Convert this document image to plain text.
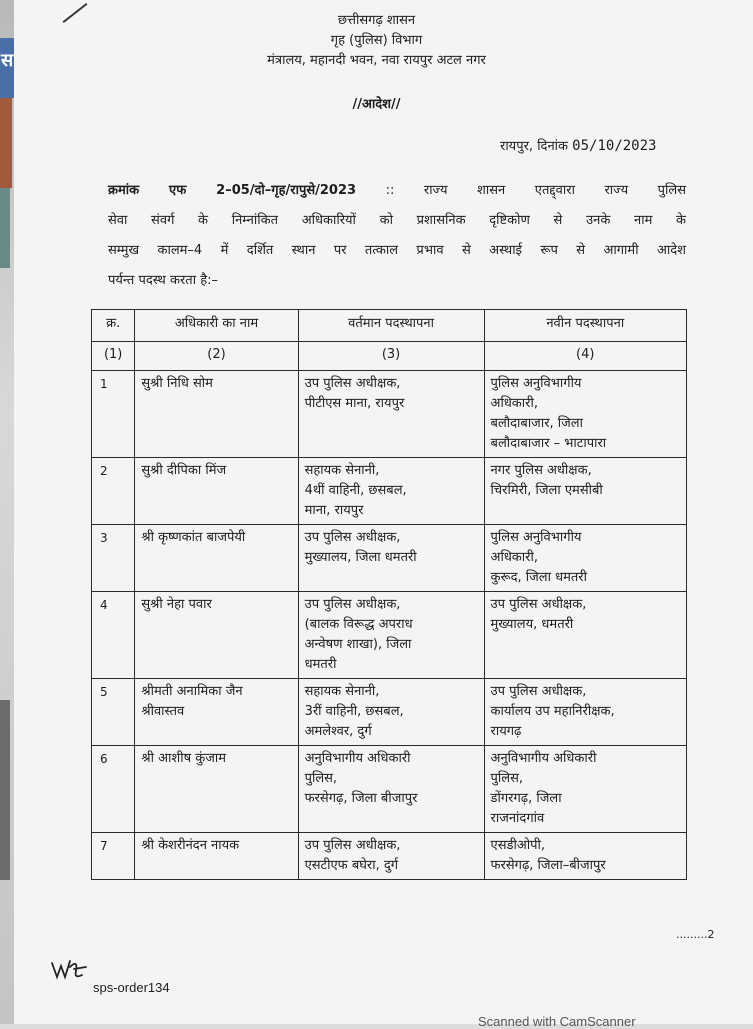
स
छत्तीसगढ़ शासन
गृह (पुलिस) विभाग
मंत्रालय, महानदी भवन, नवा रायपुर अटल नगर
//आदेश//
रायपुर, दिनांक 05/10/2023
क्रमांक एफ 2–05/दो–गृह/रापुसे/2023 :: राज्य शासन एतद्द्वारा राज्य पुलिस
सेवा संवर्ग के निम्नांकित अधिकारियों को प्रशासनिक दृष्टिकोण से उनके नाम के
सम्मुख कालम–4 में दर्शित स्थान पर तत्काल प्रभाव से अस्थाई रूप से आगामी आदेश
पर्यन्त पदस्थ करता है:–
क्र.	अधिकारी का नाम	वर्तमान पदस्थापना	नवीन पदस्थापना
(1)	(2)	(3)	(4)
1	सुश्री निधि सोम	उप पुलिस अधीक्षक,
पीटीएस माना, रायपुर	पुलिस अनुविभागीय
अधिकारी,
बलौदाबाजार, जिला
बलौदाबाजार – भाटापारा

2	सुश्री दीपिका मिंज	सहायक सेनानी,
4थीं वाहिनी, छसबल,
माना, रायपुर	नगर पुलिस अधीक्षक,
चिरमिरी, जिला एमसीबी

3	श्री कृष्णकांत बाजपेयी	उप पुलिस अधीक्षक,
मुख्यालय, जिला धमतरी	पुलिस अनुविभागीय
अधिकारी,
कुरूद, जिला धमतरी

4	सुश्री नेहा पवार	उप पुलिस अधीक्षक,
(बालक विरूद्ध अपराध
अन्वेषण शाखा), जिला
धमतरी	उप पुलिस अधीक्षक,
मुख्यालय, धमतरी

5	श्रीमती अनामिका जैन
श्रीवास्तव	सहायक सेनानी,
3रीं वाहिनी, छसबल,
अमलेश्वर, दुर्ग	उप पुलिस अधीक्षक,
कार्यालय उप महानिरीक्षक,
रायगढ़

6	श्री आशीष कुंजाम	अनुविभागीय अधिकारी
पुलिस,
फरसेगढ़, जिला बीजापुर	अनुविभागीय अधिकारी
पुलिस,
डोंगरगढ़, जिला
राजनांदगांव

7	श्री केशरीनंदन नायक	उप पुलिस अधीक्षक,
एसटीएफ बघेरा, दुर्ग	एसडीओपी,
फरसेगढ़, जिला–बीजापुर
.........2
sps-order134
Scanned with CamScanner
